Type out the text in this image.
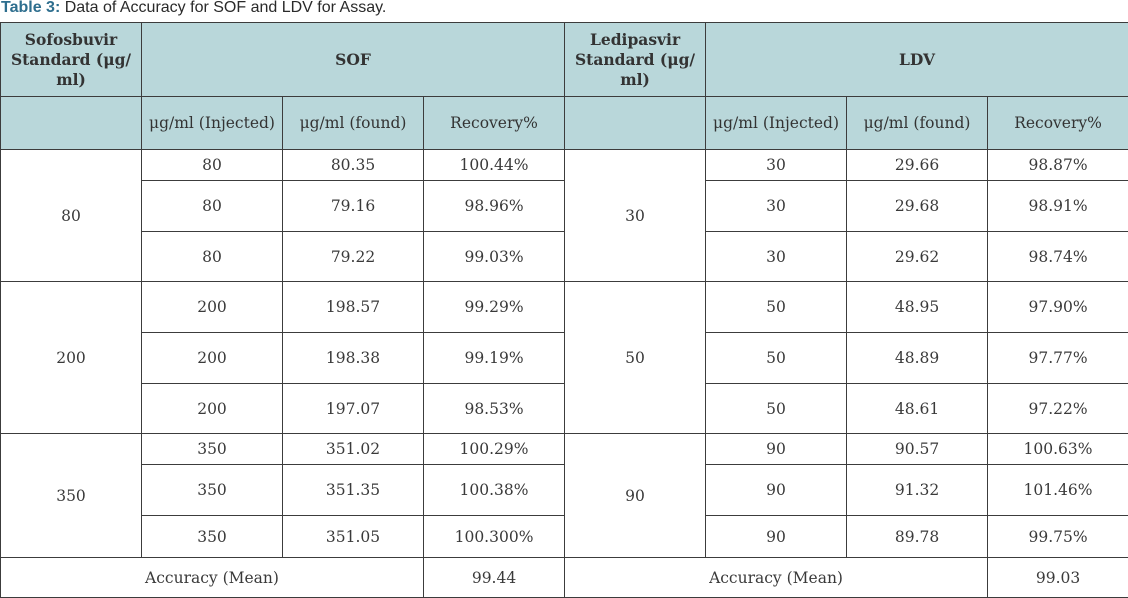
Table 3: Data of Accuracy for SOF and LDV for Assay.
Sofosbuvir Standard (μg/ ml)	SOF			Ledipasvir Standard (μg/ ml)	LDV		
	μg/ml (Injected)	μg/ml (found)	Recovery%		μg/ml (Injected)	μg/ml (found)	Recovery%
80	80	80.35	100.44%	30	30	29.66	98.87%
	80	79.16	98.96%		30	29.68	98.91%
	80	79.22	99.03%		30	29.62	98.74%
200	200	198.57	99.29%	50	50	48.95	97.90%
	200	198.38	99.19%		50	48.89	97.77%
	200	197.07	98.53%		50	48.61	97.22%
350	350	351.02	100.29%	90	90	90.57	100.63%
	350	351.35	100.38%		90	91.32	101.46%
	350	351.05	100.300%		90	89.78	99.75%
Accuracy (Mean)			99.44	Accuracy (Mean)			99.03
